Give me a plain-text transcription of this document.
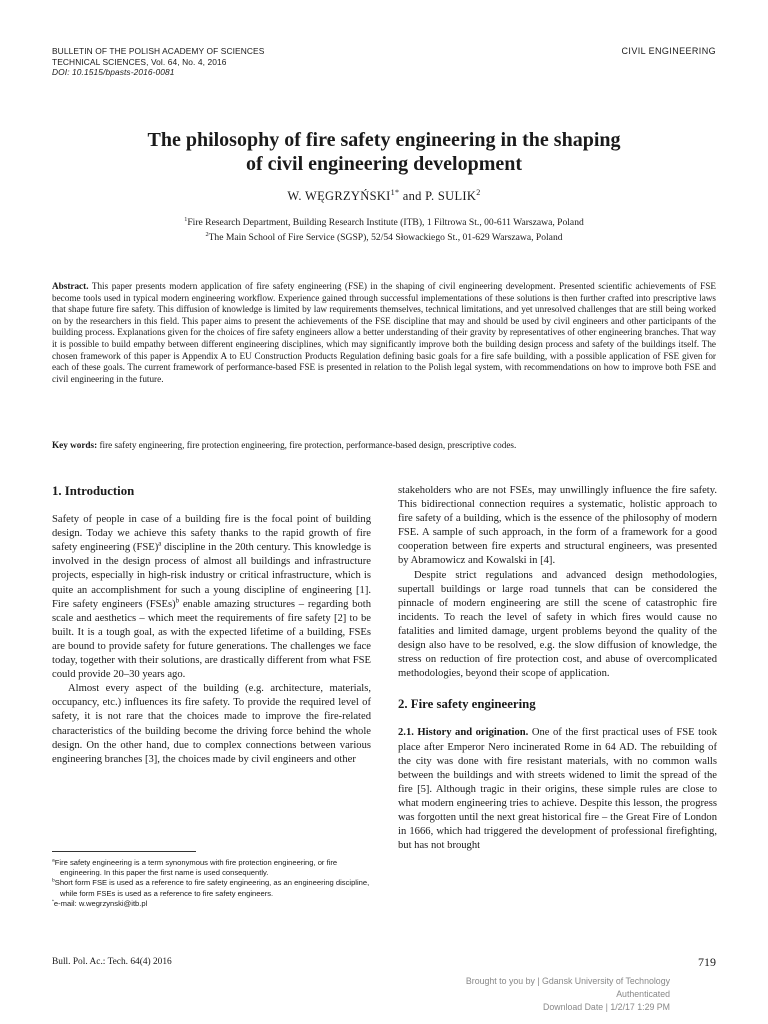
BULLETIN OF THE POLISH ACADEMY OF SCIENCES
TECHNICAL SCIENCES, Vol. 64, No. 4, 2016
DOI: 10.1515/bpasts-2016-0081
CIVIL ENGINEERING
The philosophy of fire safety engineering in the shaping
of civil engineering development
W. $WĘGRZYŃSKI^{1*}$ and P. SULIK$^2$
$^1$Fire Research Department, Building Research Institute (ITB), 1 Filtrowa St., 00-611 Warszawa, Poland
$^2$The Main School of Fire Service (SGSP), 52/54 Słowackiego St., 01-629 Warszawa, Poland
Abstract. This paper presents modern application of fire safety engineering (FSE) in the shaping of civil engineering development. Presented scientific achievements of FSE become tools used in typical modern engineering workflow. Experience gained through successful implementations of these solutions is then further crafted into prescriptive laws that shape future fire safety. This diffusion of knowledge is limited by law requirements themselves, technical limitations, and yet unresolved challenges that are still being worked on by the researchers in this field. This paper aims to present the achievements of the FSE discipline that may and should be used by civil engineers and other participants of the building process. Explanations given for the choices of fire safety engineers allow a better understanding of their gravity by representatives of other engineering branches. That way it is possible to build empathy between different engineering disciplines, which may significantly improve both the building design process and safety of the buildings itself. The chosen framework of this paper is Appendix A to EU Construction Products Regulation defining basic goals for a fire safe building, with a possible application of FSE given for each of these goals. The current framework of performance-based FSE is presented in relation to the Polish legal system, with recommendations on how to improve both FSE and civil engineering in the future.
Key words: fire safety engineering, fire protection engineering, fire protection, performance-based design, prescriptive codes.
1. Introduction

Safety of people in case of a building fire is the focal point of building design. Today we achieve this safety thanks to the rapid growth of fire safety engineering (FSE)$^a$ discipline in the 20th century. This knowledge is involved in the design process of almost all buildings and infrastructure projects, especially in high-risk industry or critical infrastructure, which is quite an accomplishment for such a young discipline of engineering [1]. Fire safety engineers (FSEs)$^b$ enable amazing structures – regarding both scale and aesthetics – which meet the requirements of fire safety [2] to be built. It is a tough goal, as with the expected lifetime of a building, FSEs are bound to provide safety for future generations. The challenges we face today, together with their solutions, are drastically different from what FSE could provide 20–30 years ago.

Almost every aspect of the building (e.g. architecture, materials, occupancy, etc.) influences its fire safety. To provide the required level of safety, it is not rare that the choices made to improve the fire-related characteristics of the building become the driving force behind the whole design. On the other hand, due to complex connections between various engineering branches [3], the choices made by civil engineers and other

stakeholders who are not FSEs, may unwillingly influence the fire safety. This bidirectional connection requires a systematic, holistic approach to fire safety of a building, which is the essence of the philosophy of modern FSE. A sample of such approach, in the form of a framework for a good cooperation between fire experts and structural engineers, was presented by Abramowicz and Kowalski in [4].

Despite strict regulations and advanced design methodologies, supertall buildings or large road tunnels that can be considered the pinnacle of modern engineering are still the scene of catastrophic fire incidents. To reach the level of safety in which fires would cause no fatalities and limited damage, urgent problems beyond the quality of the design also have to be resolved, e.g. the slow diffusion of knowledge, the stress on reduction of fire protection cost, and abuse of overcomplicated methodologies, beyond their scope of application.

2. Fire safety engineering

2.1. History and origination. One of the first practical uses of FSE took place after Emperor Nero incinerated Rome in 64 AD. The rebuilding of the city was done with fire resistant materials, with no common walls between the buildings and with streets widened to limit the spread of the fire [5]. Although tragic in their origins, these simple rules are close to what modern engineering tries to achieve. Despite this lesson, the progress was forgotten until the next great historical fire – the Great Fire of London in 1666, which had triggered the development of professional firefighting, but has not brought

$^a$Fire safety engineering is a term synonymous with fire protection engineering, or fire engineering. In this paper the first name is used consequently.
$^b$Short form FSE is used as a reference to fire safety engineering, as an engineering discipline, while form FSEs is used as a reference to fire safety engineers.
*e-mail: w.wegrzynski@itb.pl
Bull. Pol. Ac.: Tech. 64(4) 2016	719
Brought to you by | Gdansk University of Technology
Authenticated
Download Date | 1/2/17 1:29 PM
